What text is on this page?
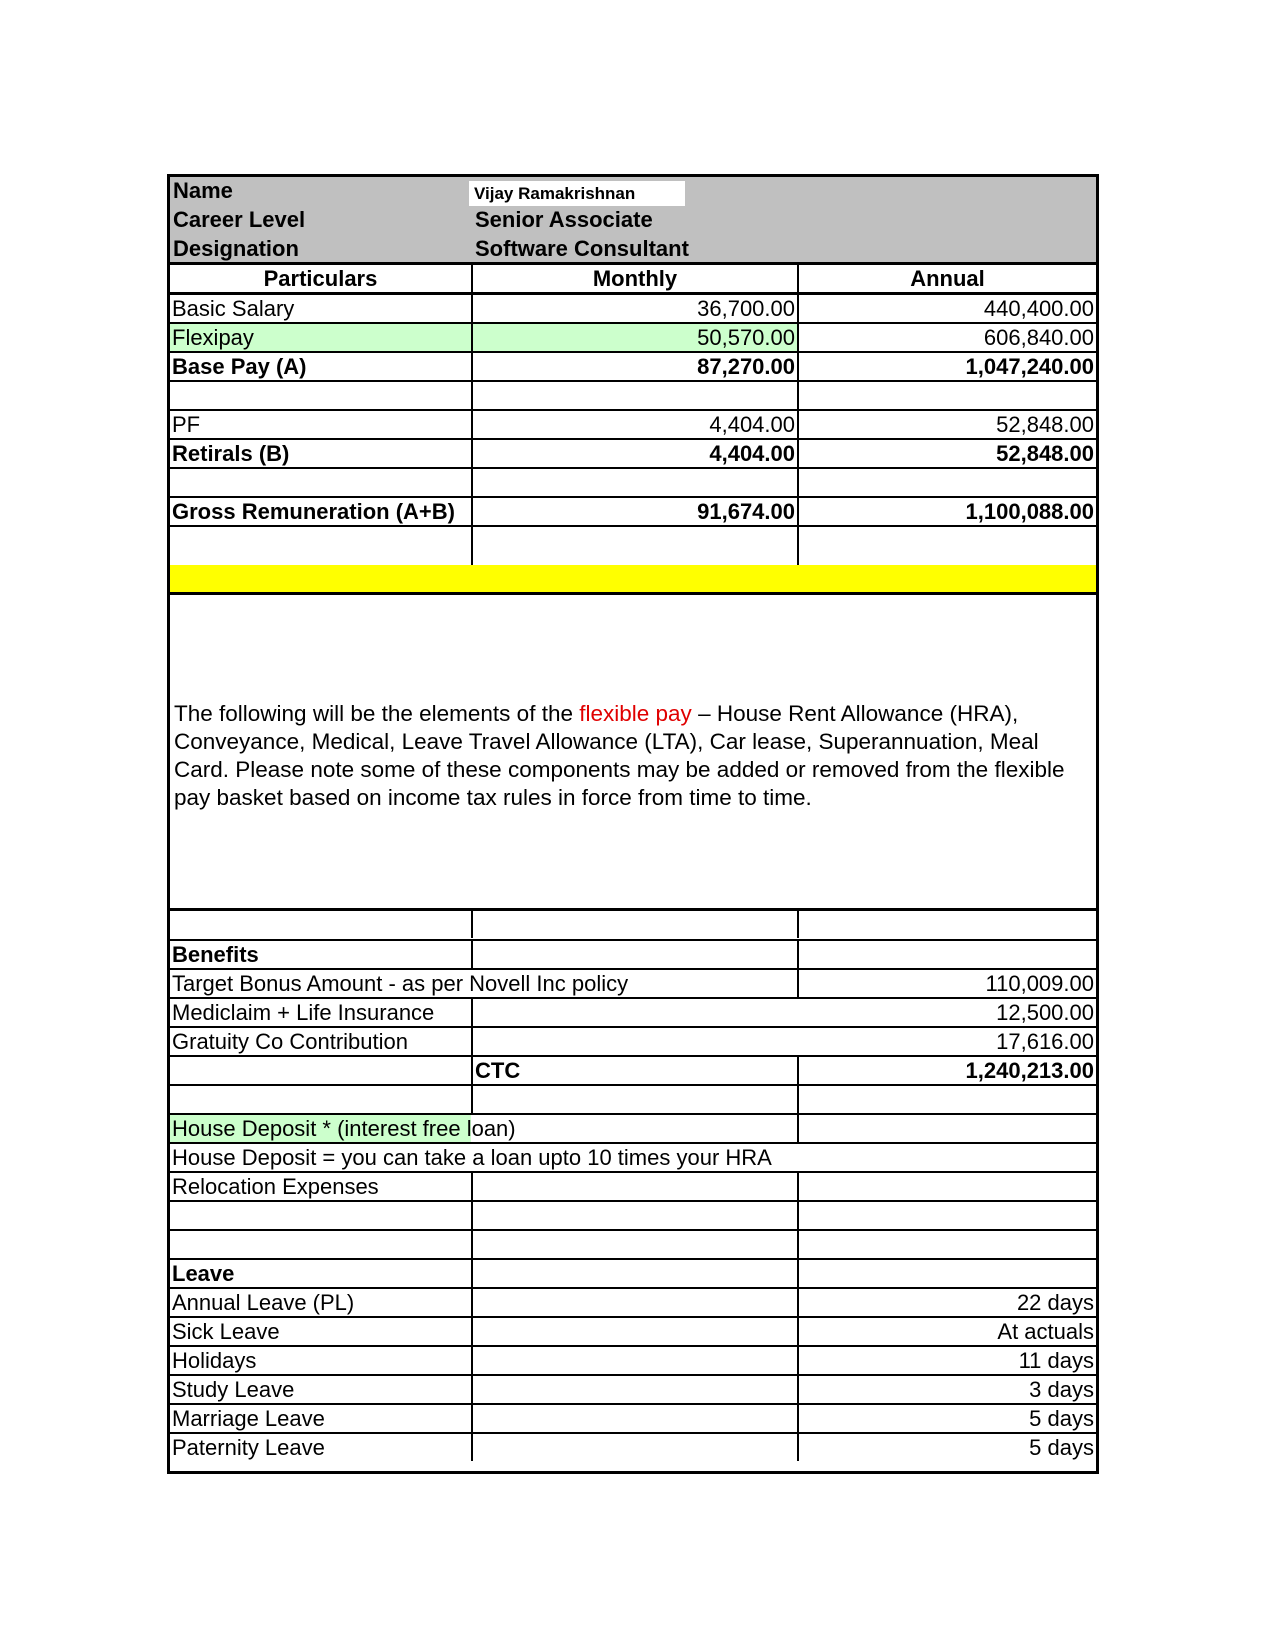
Name	Vijay Ramakrishnan
Career Level	Senior Associate
Designation	Software Consultant
Particulars	Monthly	Annual
Basic Salary	36,700.00	440,400.00
Flexipay	50,570.00	606,840.00
Base Pay (A)	87,270.00	1,047,240.00
PF	4,404.00	52,848.00
Retirals (B)	4,404.00	52,848.00
Gross Remuneration (A+B)	91,674.00	1,100,088.00
The following will be the elements of the flexible pay – House Rent Allowance (HRA), Conveyance, Medical, Leave Travel Allowance (LTA), Car lease, Superannuation, Meal Card. Please note some of these components may be added or removed from the flexible pay basket based on income tax rules in force from time to time.
Benefits
Target Bonus Amount - as per Novell Inc policy	110,009.00
Mediclaim + Life Insurance	12,500.00
Gratuity Co Contribution	17,616.00
CTC	1,240,213.00
House Deposit * (interest free loan)
House Deposit = you can take a loan upto 10 times your HRA
Relocation Expenses
Leave
Annual Leave (PL)	22 days
Sick Leave	At actuals
Holidays	11 days
Study Leave	3 days
Marriage Leave	5 days
Paternity Leave	5 days
